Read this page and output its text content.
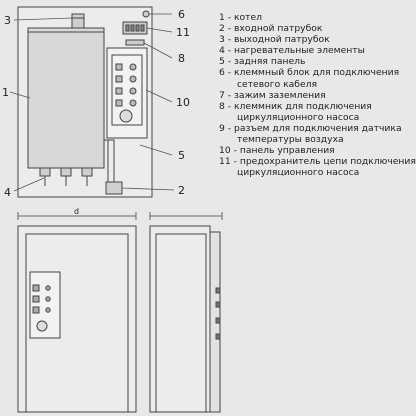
3
1
4
5
2
6
11
8
10
d
1 - котел
2 - входной патрубок
3 - выходной патрубок
4 - нагревательные элементы
5 - задняя панель
6 - клеммный блок для подключения
сетевого кабеля
7 - зажим заземления
8 - клеммник для подключения
циркуляционного насоса
9 - разъем для подключения датчика
температуры воздуха
10 - панель управления
11 - предохранитель цепи подключения
циркуляционного насоса
